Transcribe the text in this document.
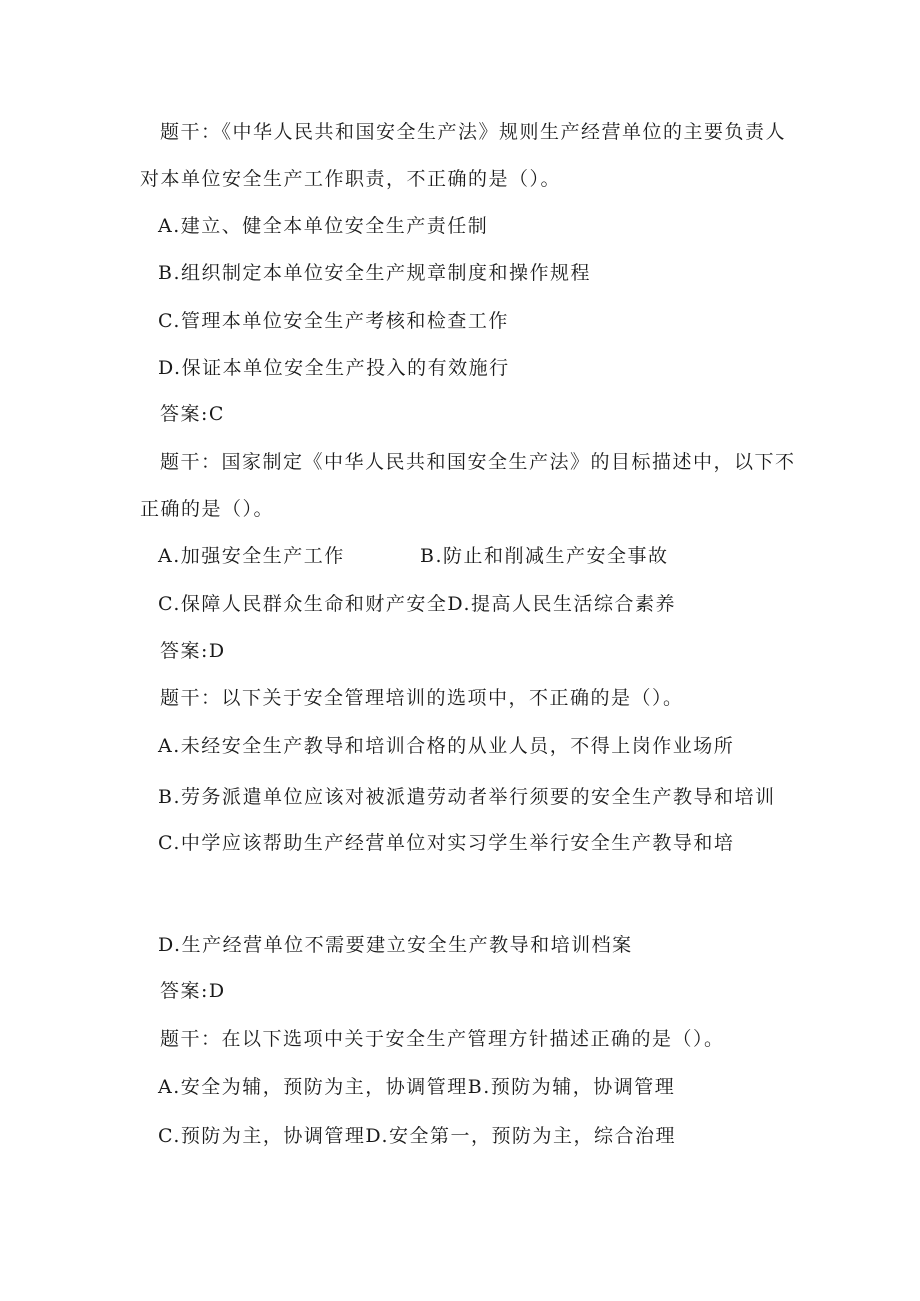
题干：《中华人民共和国安全生产法》规则生产经营单位的主要负责人
对本单位安全生产工作职责，不正确的是（）。
A.建立、健全本单位安全生产责任制
B.组织制定本单位安全生产规章制度和操作规程
C.管理本单位安全生产考核和检查工作
D.保证本单位安全生产投入的有效施行
答案:C
题干：国家制定《中华人民共和国安全生产法》的目标描述中，以下不
正确的是（）。
A.加强安全生产工作	B.防止和削减生产安全事故
C.保障人民群众生命和财产安全D.提高人民生活综合素养
答案:D
题干：以下关于安全管理培训的选项中，不正确的是（）。
A.未经安全生产教导和培训合格的从业人员，不得上岗作业场所
B.劳务派遣单位应该对被派遣劳动者举行须要的安全生产教导和培训
C.中学应该帮助生产经营单位对实习学生举行安全生产教导和培
D.生产经营单位不需要建立安全生产教导和培训档案
答案:D
题干：在以下选项中关于安全生产管理方针描述正确的是（）。
A.安全为辅，预防为主，协调管理B.预防为辅，协调管理
C.预防为主，协调管理D.安全第一，预防为主，综合治理
